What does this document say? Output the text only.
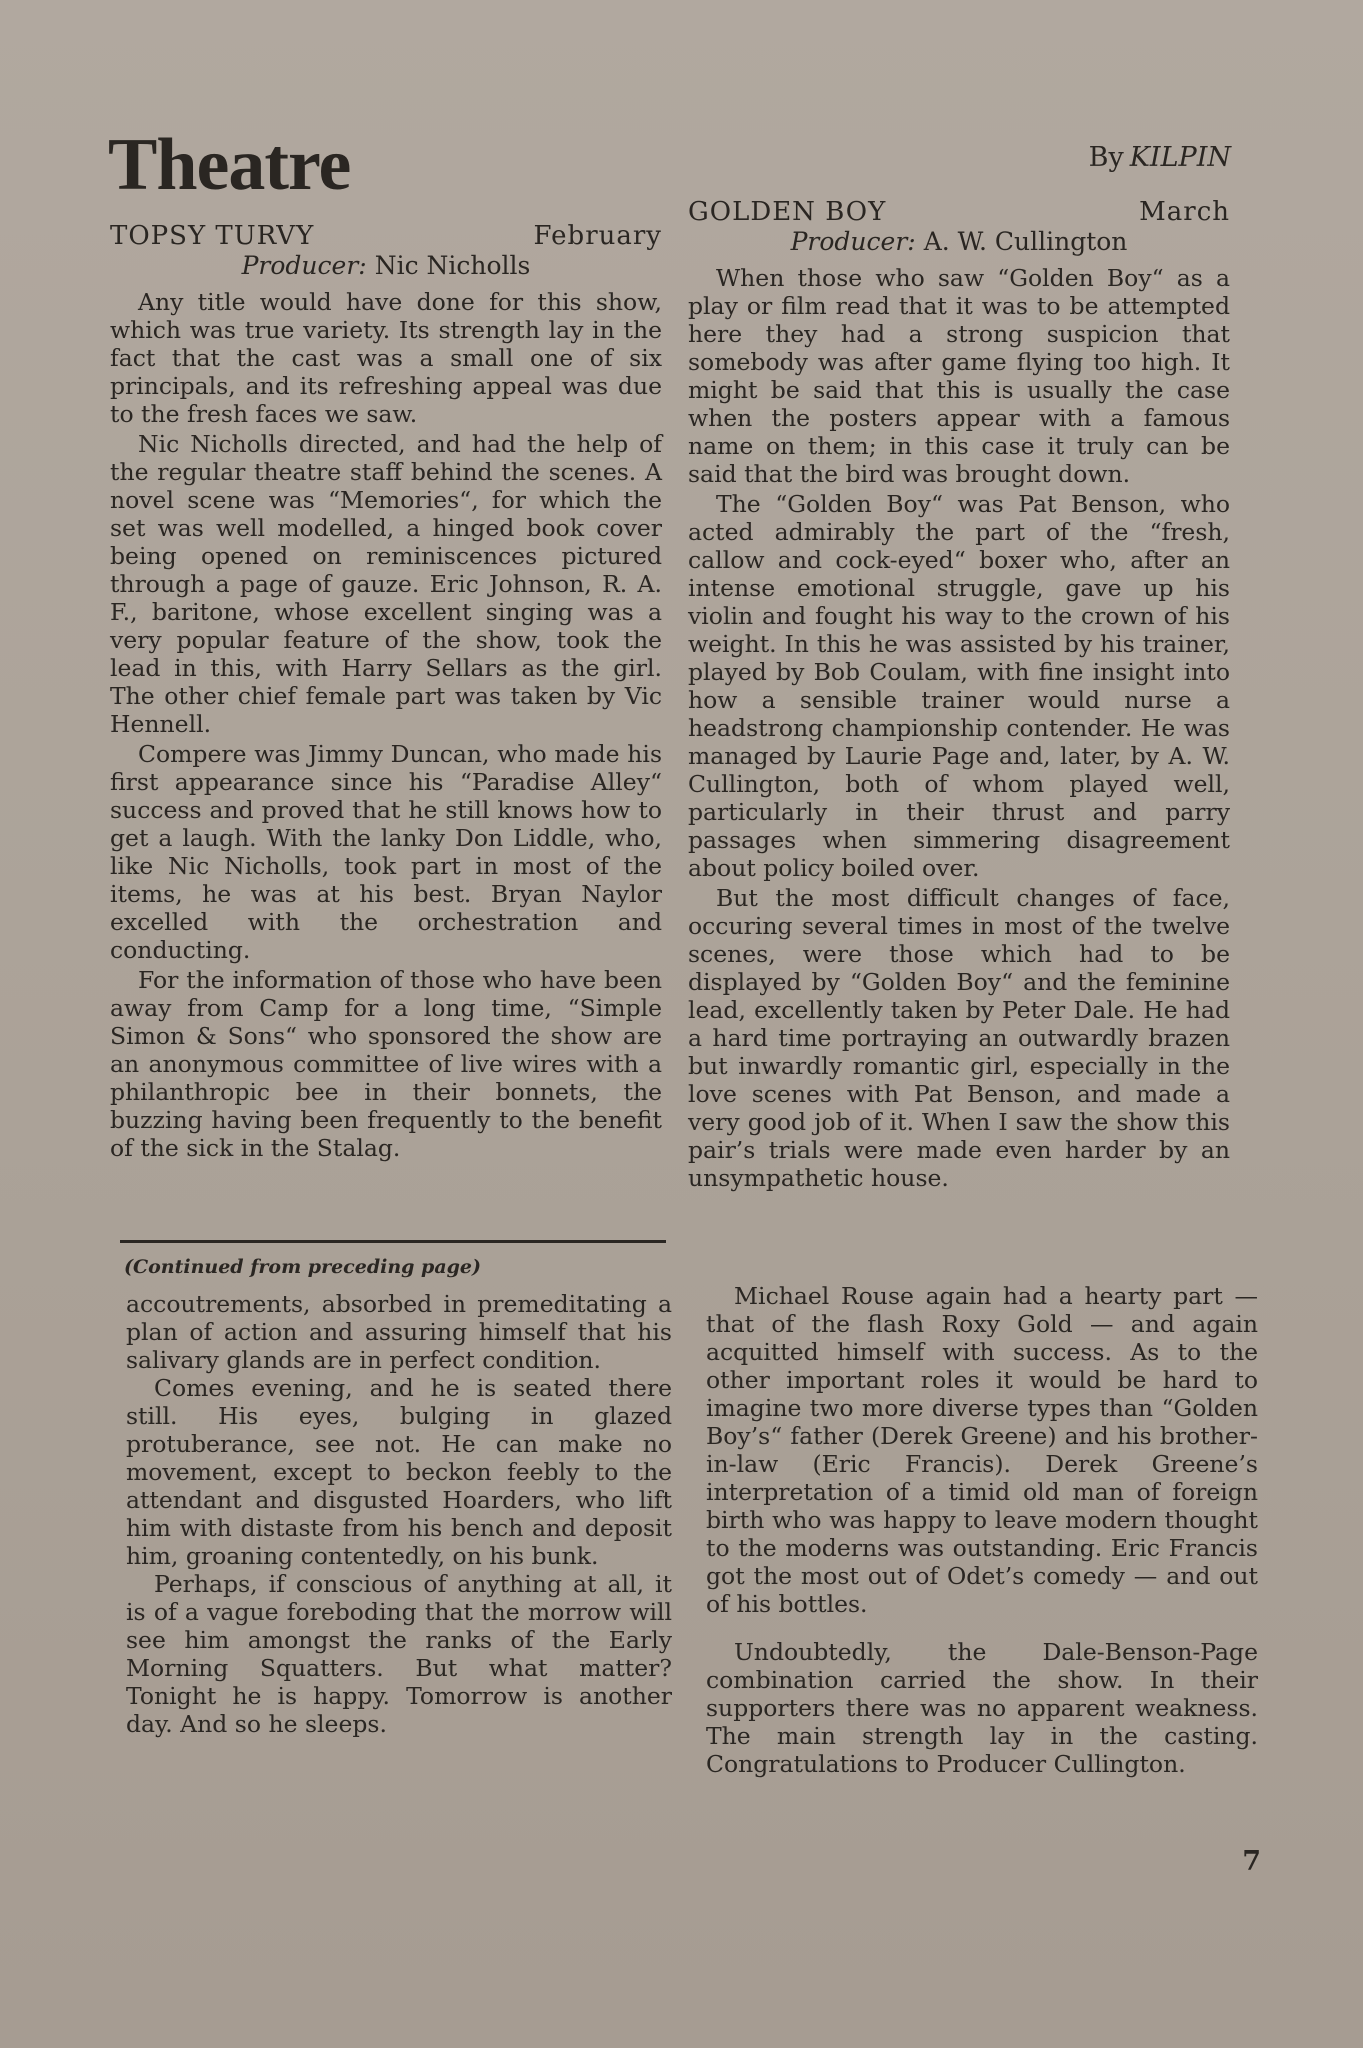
Theatre	By KILPIN
TOPSY TURVY	February
Producer: Nic Nicholls

Any title would have done for this show, which was true variety. Its strength lay in the fact that the cast was a small one of six principals, and its refreshing appeal was due to the fresh faces we saw.

Nic Nicholls directed, and had the help of the regular theatre staff behind the scenes. A novel scene was “Memories“, for which the set was well modelled, a hinged book cover being opened on reminiscences pictured through a page of gauze. Eric Johnson, R. A. F., baritone, whose excellent singing was a very popular feature of the show, took the lead in this, with Harry Sellars as the girl. The other chief female part was taken by Vic Hennell.

Compere was Jimmy Duncan, who made his first appearance since his “Paradise Alley“ success and proved that he still knows how to get a laugh. With the lanky Don Liddle, who, like Nic Nicholls, took part in most of the items, he was at his best. Bryan Naylor excelled with the orchestration and conducting.

For the information of those who have been away from Camp for a long time, “Simple Simon & Sons“ who sponsored the show are an anonymous committee of live wires with a philanthropic bee in their bonnets, the buzzing having been frequently to the benefit of the sick in the Stalag.

(Continued from preceding page)

accoutrements, absorbed in premeditating a plan of action and assuring himself that his salivary glands are in perfect condition.

Comes evening, and he is seated there still. His eyes, bulging in glazed protuberance, see not. He can make no movement, except to beckon feebly to the attendant and disgusted Hoarders, who lift him with distaste from his bench and deposit him, groaning contentedly, on his bunk.

Perhaps, if conscious of anything at all, it is of a vague foreboding that the morrow will see him amongst the ranks of the Early Morning Squatters. But what matter? Tonight he is happy. Tomorrow is another day. And so he sleeps.

GOLDEN BOY	March
Producer: A. W. Cullington

When those who saw “Golden Boy“ as a play or film read that it was to be attempted here they had a strong suspicion that somebody was after game flying too high. It might be said that this is usually the case when the posters appear with a famous name on them; in this case it truly can be said that the bird was brought down.

The “Golden Boy“ was Pat Benson, who acted admirably the part of the “fresh, callow and cock-eyed“ boxer who, after an intense emotional struggle, gave up his violin and fought his way to the crown of his weight. In this he was assisted by his trainer, played by Bob Coulam, with fine insight into how a sensible trainer would nurse a headstrong championship contender. He was managed by Laurie Page and, later, by A. W. Cullington, both of whom played well, particularly in their thrust and parry passages when simmering disagreement about policy boiled over.

But the most difficult changes of face, occuring several times in most of the twelve scenes, were those which had to be displayed by “Golden Boy“ and the feminine lead, excellently taken by Peter Dale. He had a hard time portraying an outwardly brazen but inwardly romantic girl, especially in the love scenes with Pat Benson, and made a very good job of it. When I saw the show this pair’s trials were made even harder by an unsympathetic house.

Michael Rouse again had a hearty part — that of the flash Roxy Gold — and again acquitted himself with success. As to the other important roles it would be hard to imagine two more diverse types than “Golden Boy’s“ father (Derek Greene) and his brother-in-law (Eric Francis). Derek Greene’s interpretation of a timid old man of foreign birth who was happy to leave modern thought to the moderns was outstanding. Eric Francis got the most out of Odet’s comedy — and out of his bottles.

Undoubtedly, the Dale-Benson-Page combination carried the show. In their supporters there was no apparent weakness. The main strength lay in the casting. Congratulations to Producer Cullington.

7
